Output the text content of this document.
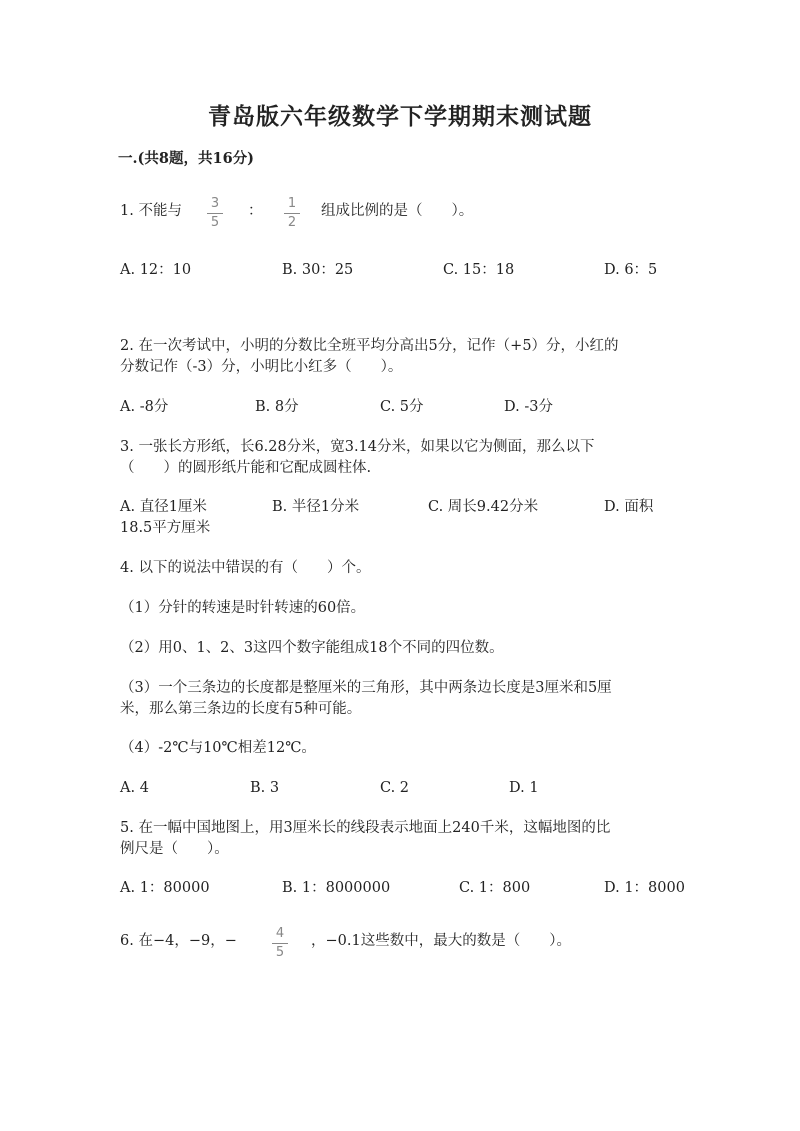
青岛版六年级数学下学期期末测试题
一.(共8题，共16分)
1. 不能与	3
5
：	1
2
组成比例的是（　　）。
A. 12：10	B. 30：25	C. 15：18	D. 6：5
2. 在一次考试中，小明的分数比全班平均分高出5分，记作（+5）分，小红的
分数记作（-3）分，小明比小红多（　　）。
A. -8分	B. 8分	C. 5分	D. -3分
3. 一张长方形纸，长6.28分米，宽3.14分米，如果以它为侧面，那么以下
（　　）的圆形纸片能和它配成圆柱体.
A. 直径1厘米	B. 半径1分米	C. 周长9.42分米	D. 面积
18.5平方厘米
4. 以下的说法中错误的有（　　）个。
（1）分针的转速是时针转速的60倍。
（2）用0、1、2、3这四个数字能组成18个不同的四位数。
（3）一个三条边的长度都是整厘米的三角形，其中两条边长度是3厘米和5厘
米，那么第三条边的长度有5种可能。
（4）-2℃与10℃相差12℃。
A. 4	B. 3	C. 2	D. 1
5. 在一幅中国地图上，用3厘米长的线段表示地面上240千米，这幅地图的比
例尺是（　　）。
A. 1：80000	B. 1：8000000	C. 1：800	D. 1：8000
6. 在−4，−9，−	4
5
，−0.1这些数中，最大的数是（　　）。
